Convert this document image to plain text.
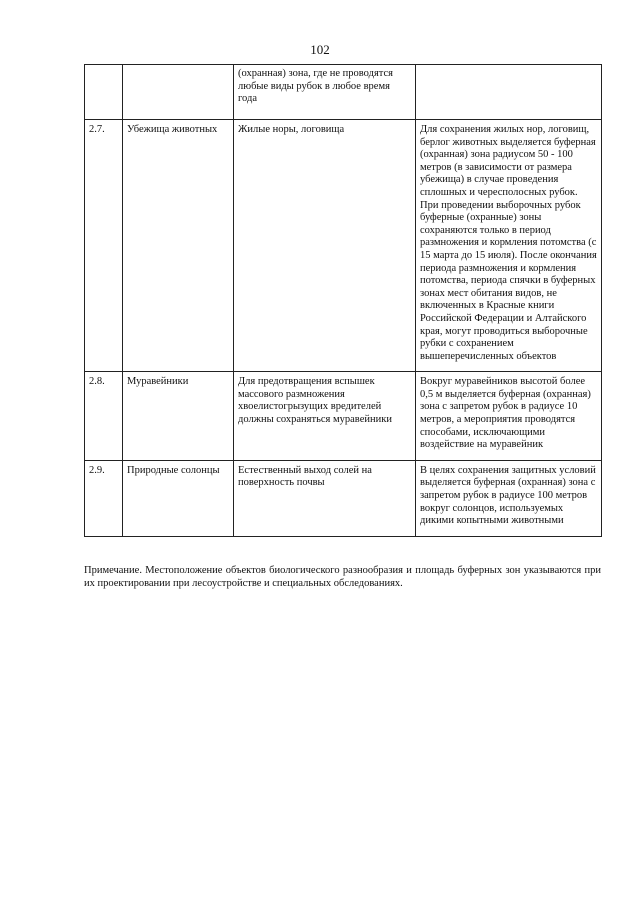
102
		(охранная) зона, где не проводятся любые виды рубок в любое время года	
2.7.	Убежища животных	Жилые норы, логовища	Для сохранения жилых нор, логовищ, берлог животных выделяется буферная (охранная) зона радиусом 50 - 100 метров (в зависимости от размера убежища) в случае проведения сплошных и чересполосных рубок. При проведении выборочных рубок буферные (охранные) зоны сохраняются только в период размножения и кормления потомства (с 15 марта до 15 июля). После окончания периода размножения и кормления потомства, периода спячки в буферных зонах мест обитания видов, не включенных в Красные книги Российской Федерации и Алтайского края, могут проводиться выборочные рубки с сохранением вышеперечисленных объектов
2.8.	Муравейники	Для предотвращения вспышек массового размножения хвоелистогрызущих вредителей должны сохраняться муравейники	Вокруг муравейников высотой более 0,5 м выделяется буферная (охранная) зона с запретом рубок в радиусе 10 метров, а мероприятия проводятся способами, исключающими воздействие на муравейник
2.9.	Природные солонцы	Естественный выход солей на поверхность почвы	В целях сохранения защитных условий выделяется буферная (охранная) зона с запретом рубок в радиусе 100 метров вокруг солонцов, используемых дикими копытными животными
Примечание. Местоположение объектов биологического разнообразия и площадь буферных зон указываются при их проектировании при лесоустройстве и специальных обследованиях.
